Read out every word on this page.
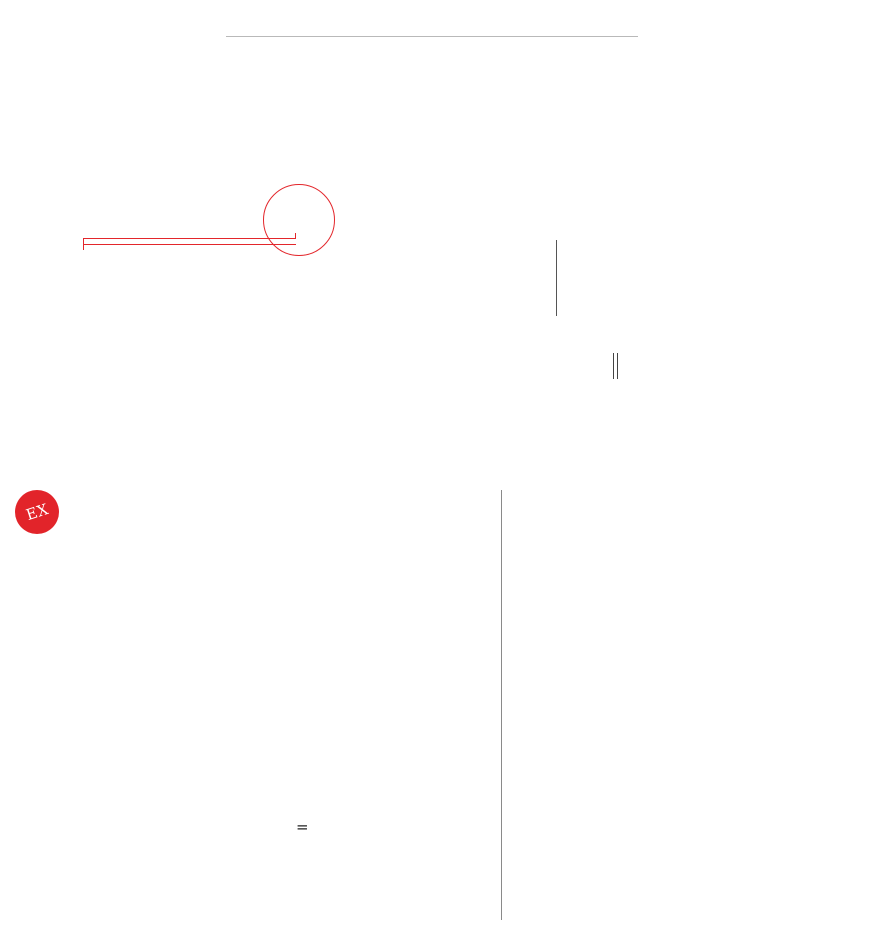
EX
=
